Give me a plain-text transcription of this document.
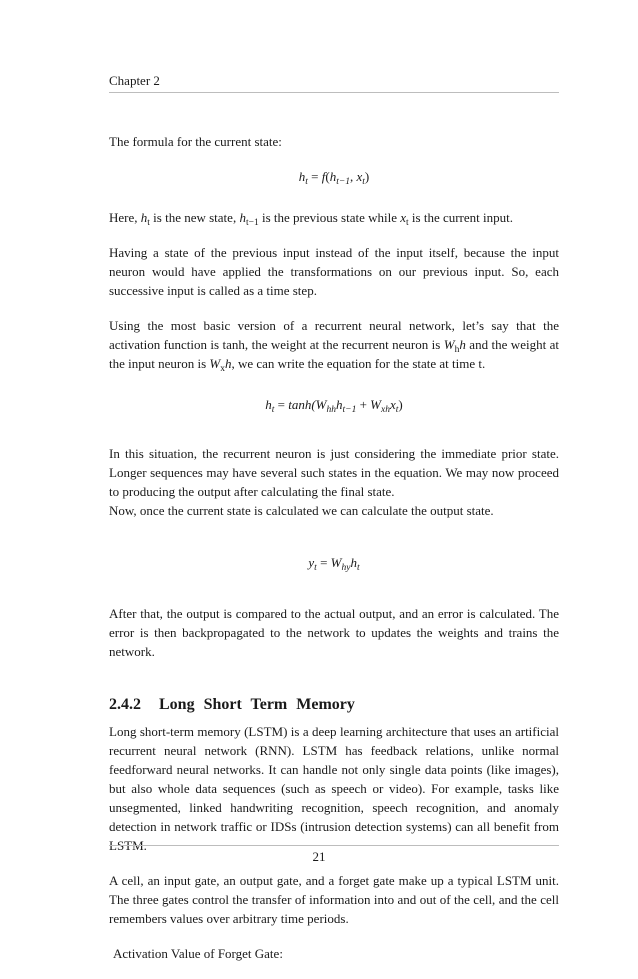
Chapter 2

The formula for the current state:

$h_t = f(h_{t-1}$, $x_t$)

Here, $h_t$ is the new state, $h_{t-1}$ is the previous state while $x_t$ is the current input.

Having a state of the previous input instead of the input itself, because the input neuron would have applied the transformations on our previous input. So, each successive input is called as a time step.

Using the most basic version of a recurrent neural network, let’s say that the activation function is tanh, the weight at the recurrent neuron is $W_hh$ and the weight at the input neuron is $W_xh$, we can write the equation for the state at time t.

$h_t = \tanh(W_{hh}h_{t-1} + W_{xh}x_t)$

In this situation, the recurrent neuron is just considering the immediate prior state. Longer sequences may have several such states in the equation. We may now proceed to producing the output after calculating the final state.
Now, once the current state is calculated we can calculate the output state.

$y_t = W_{hy}h_t$

After that, the output is compared to the actual output, and an error is calculated. The error is then backpropagated to the network to updates the weights and trains the network.

2.4.2 Long Short Term Memory

Long short-term memory (LSTM) is a deep learning architecture that uses an artificial recurrent neural network (RNN). LSTM has feedback relations, unlike normal feedforward neural networks. It can handle not only single data points (like images), but also whole data sequences (such as speech or video). For example, tasks like unsegmented, linked handwriting recognition, speech recognition, and anomaly detection in network traffic or IDSs (intrusion detection systems) can all benefit from LSTM.

A cell, an input gate, an output gate, and a forget gate make up a typical LSTM unit. The three gates control the transfer of information into and out of the cell, and the cell remembers values over arbitrary time periods.

Activation Value of Forget Gate:

21
